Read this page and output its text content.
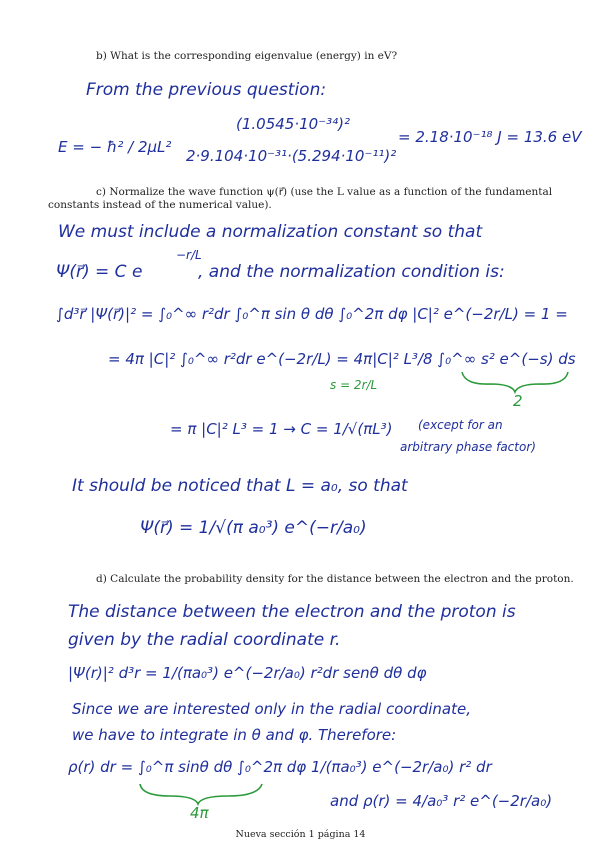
b) What is the corresponding eigenvalue (energy) in eV?
From the previous question:
E = − ħ² / 2μL²
(1.0545·10⁻³⁴)²
2·9.104·10⁻³¹·(5.294·10⁻¹¹)²
= 2.18·10⁻¹⁸ J = 13.6 eV
c) Normalize the wave function ψ(r⃗) (use the L value as a function of the fundamental
constants instead of the numerical value).
We must include a normalization constant so that
Ψ(r⃗) = C e
−r/L
, and the normalization condition is:
∫d³r⃗ |Ψ(r⃗)|² = ∫₀^∞ r²dr ∫₀^π sin θ dθ ∫₀^2π dφ |C|² e^(−2r/L) = 1 =
= 4π |C|² ∫₀^∞ r²dr e^(−2r/L) = 4π|C|² L³/8 ∫₀^∞ s² e^(−s) ds
s = 2r/L
2
= π |C|² L³ = 1 → C = 1/√(πL³) (except for an
arbitrary phase factor)
It should be noticed that L = a₀, so that
Ψ(r⃗) = 1/√(π a₀³) e^(−r/a₀)
d) Calculate the probability density for the distance between the electron and the proton.
The distance between the electron and the proton is
given by the radial coordinate r.
|Ψ(r)|² d³r = 1/(πa₀³) e^(−2r/a₀) r²dr senθ dθ dφ
Since we are interested only in the radial coordinate,
we have to integrate in θ and φ. Therefore:
ρ(r) dr = ∫₀^π sinθ dθ ∫₀^2π dφ 1/(πa₀³) e^(−2r/a₀) r² dr
4π
and ρ(r) = 4/a₀³ r² e^(−2r/a₀)
Nueva sección 1 página 14
